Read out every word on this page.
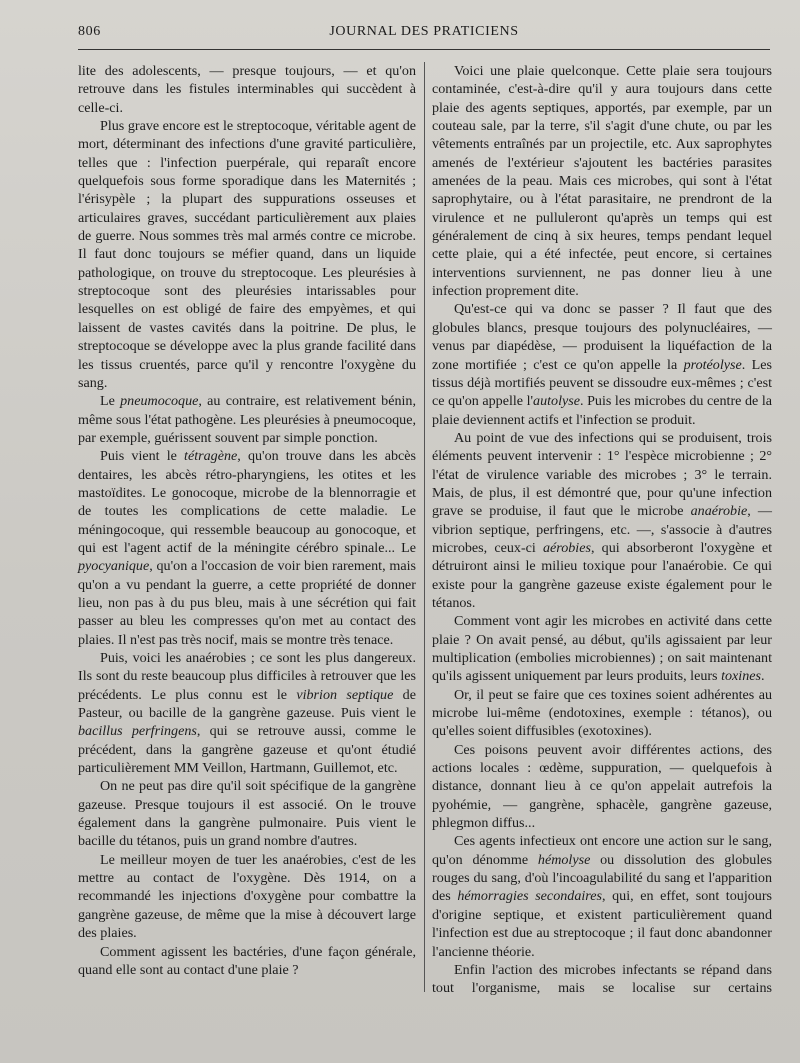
806	JOURNAL DES PRATICIENS

lite des adolescents, — presque toujours, — et qu'on retrouve dans les fistules interminables qui succèdent à celle-ci.

Plus grave encore est le streptocoque, véritable agent de mort, déterminant des infections d'une gravité particulière, telles que : l'infection puerpérale, qui reparaît encore quelquefois sous forme sporadique dans les Maternités ; l'érisypèle ; la plupart des suppurations osseuses et articulaires graves, succédant particulièrement aux plaies de guerre. Nous sommes très mal armés contre ce microbe. Il faut donc toujours se méfier quand, dans un liquide pathologique, on trouve du streptocoque. Les pleurésies à streptocoque sont des pleurésies intarissables pour lesquelles on est obligé de faire des empyèmes, et qui laissent de vastes cavités dans la poitrine. De plus, le streptocoque se développe avec la plus grande facilité dans les tissus cruentés, parce qu'il y rencontre l'oxygène du sang.

Le pneumocoque, au contraire, est relativement bénin, même sous l'état pathogène. Les pleurésies à pneumocoque, par exemple, guérissent souvent par simple ponction.

Puis vient le tétragène, qu'on trouve dans les abcès dentaires, les abcès rétro-pharyngiens, les otites et les mastoïdites. Le gonocoque, microbe de la blennorragie et de toutes les complications de cette maladie. Le méningocoque, qui ressemble beaucoup au gonocoque, et qui est l'agent actif de la méningite cérébro spinale... Le pyocyanique, qu'on a l'occasion de voir bien rarement, mais qu'on a vu pendant la guerre, a cette propriété de donner lieu, non pas à du pus bleu, mais à une sécrétion qui fait passer au bleu les compresses qu'on met au contact des plaies. Il n'est pas très nocif, mais se montre très tenace.

Puis, voici les anaérobies ; ce sont les plus dangereux. Ils sont du reste beaucoup plus difficiles à retrouver que les précédents. Le plus connu est le vibrion septique de Pasteur, ou bacille de la gangrène gazeuse. Puis vient le bacillus perfringens, qui se retrouve aussi, comme le précédent, dans la gangrène gazeuse et qu'ont étudié particulièrement MM Veillon, Hartmann, Guillemot, etc.

On ne peut pas dire qu'il soit spécifique de la gangrène gazeuse. Presque toujours il est associé. On le trouve également dans la gangrène pulmonaire. Puis vient le bacille du tétanos, puis un grand nombre d'autres.

Le meilleur moyen de tuer les anaérobies, c'est de les mettre au contact de l'oxygène. Dès 1914, on a recommandé les injections d'oxygène pour combattre la gangrène gazeuse, de même que la mise à découvert large des plaies.

Comment agissent les bactéries, d'une façon générale, quand elle sont au contact d'une plaie ?

Voici une plaie quelconque. Cette plaie sera toujours contaminée, c'est-à-dire qu'il y aura toujours dans cette plaie des agents septiques, apportés, par exemple, par un couteau sale, par la terre, s'il s'agit d'une chute, ou par les vêtements entraînés par un projectile, etc. Aux saprophytes amenés de l'extérieur s'ajoutent les bactéries parasites amenées de la peau. Mais ces microbes, qui sont à l'état saprophytaire, ou à l'état parasitaire, ne prendront de la virulence et ne pulluleront qu'après un temps qui est généralement de cinq à six heures, temps pendant lequel cette plaie, qui a été infectée, peut encore, si certaines interventions surviennent, ne pas donner lieu à une infection proprement dite.

Qu'est-ce qui va donc se passer ? Il faut que des globules blancs, presque toujours des polynucléaires, — venus par diapédèse, — produisent la liquéfaction de la zone mortifiée ; c'est ce qu'on appelle la protéolyse. Les tissus déjà mortifiés peuvent se dissoudre eux-mêmes ; c'est ce qu'on appelle l'autolyse. Puis les microbes du centre de la plaie deviennent actifs et l'infection se produit.

Au point de vue des infections qui se produisent, trois éléments peuvent intervenir : 1° l'espèce microbienne ; 2° l'état de virulence variable des microbes ; 3° le terrain. Mais, de plus, il est démontré que, pour qu'une infection grave se produise, il faut que le microbe anaérobie, — vibrion septique, perfringens, etc. —, s'associe à d'autres microbes, ceux-ci aérobies, qui absorberont l'oxygène et détruiront ainsi le milieu toxique pour l'anaérobie. Ce qui existe pour la gangrène gazeuse existe également pour le tétanos.

Comment vont agir les microbes en activité dans cette plaie ? On avait pensé, au début, qu'ils agissaient par leur multiplication (embolies microbiennes) ; on sait maintenant qu'ils agissent uniquement par leurs produits, leurs toxines.

Or, il peut se faire que ces toxines soient adhérentes au microbe lui-même (endotoxines, exemple : tétanos), ou qu'elles soient diffusibles (exotoxines).

Ces poisons peuvent avoir différentes actions, des actions locales : œdème, suppuration, — quelquefois à distance, donnant lieu à ce qu'on appelait autrefois la pyohémie, — gangrène, sphacèle, gangrène gazeuse, phlegmon diffus...

Ces agents infectieux ont encore une action sur le sang, qu'on dénomme hémolyse ou dissolution des globules rouges du sang, d'où l'incoagulabilité du sang et l'apparition des hémorragies secondaires, qui, en effet, sont toujours d'origine septique, et existent particulièrement quand l'infection est due au streptocoque ; il faut donc abandonner l'ancienne théorie.

Enfin l'action des microbes infectants se répand dans tout l'organisme, mais se localise sur certains
